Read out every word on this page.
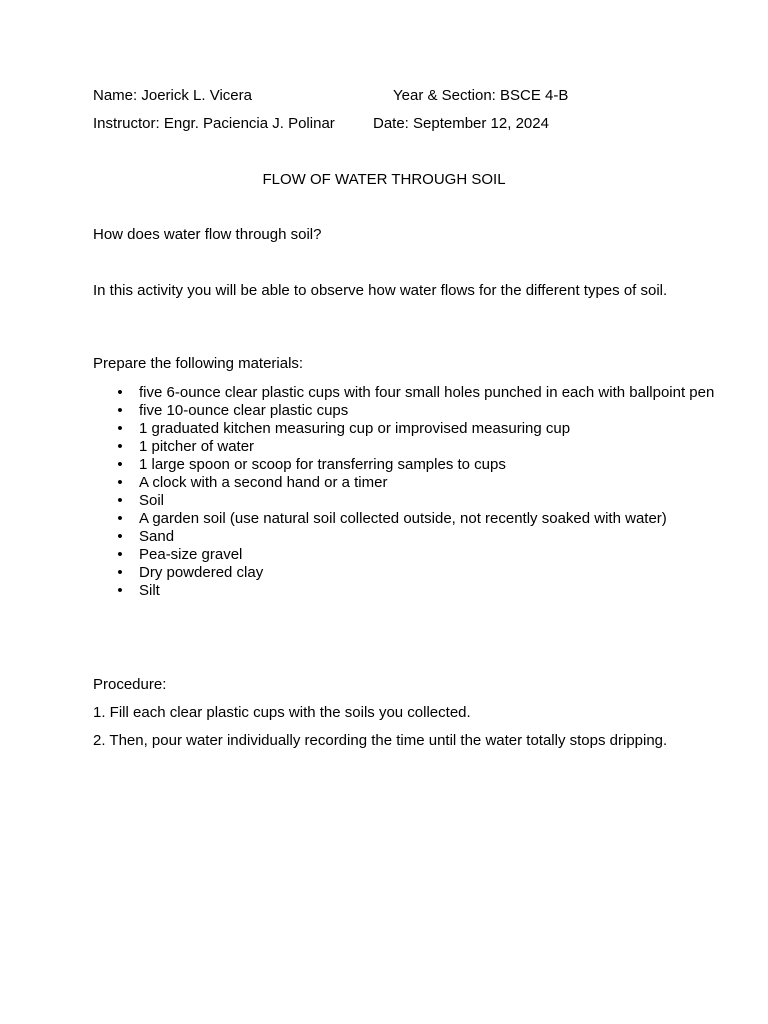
Name: Joerick L. Vicera	Year & Section: BSCE 4-B
Instructor: Engr. Paciencia J. Polinar	Date: September 12, 2024
FLOW OF WATER THROUGH SOIL
How does water flow through soil?
In this activity you will be able to observe how water flows for the different types of soil.
Prepare the following materials:
• five 6-ounce clear plastic cups with four small holes punched in each with ballpoint pen
• five 10-ounce clear plastic cups
• 1 graduated kitchen measuring cup or improvised measuring cup
• 1 pitcher of water
• 1 large spoon or scoop for transferring samples to cups
• A clock with a second hand or a timer
• Soil
• A garden soil (use natural soil collected outside, not recently soaked with water)
• Sand
• Pea-size gravel
• Dry powdered clay
• Silt
Procedure:
1. Fill each clear plastic cups with the soils you collected.
2. Then, pour water individually recording the time until the water totally stops dripping.
